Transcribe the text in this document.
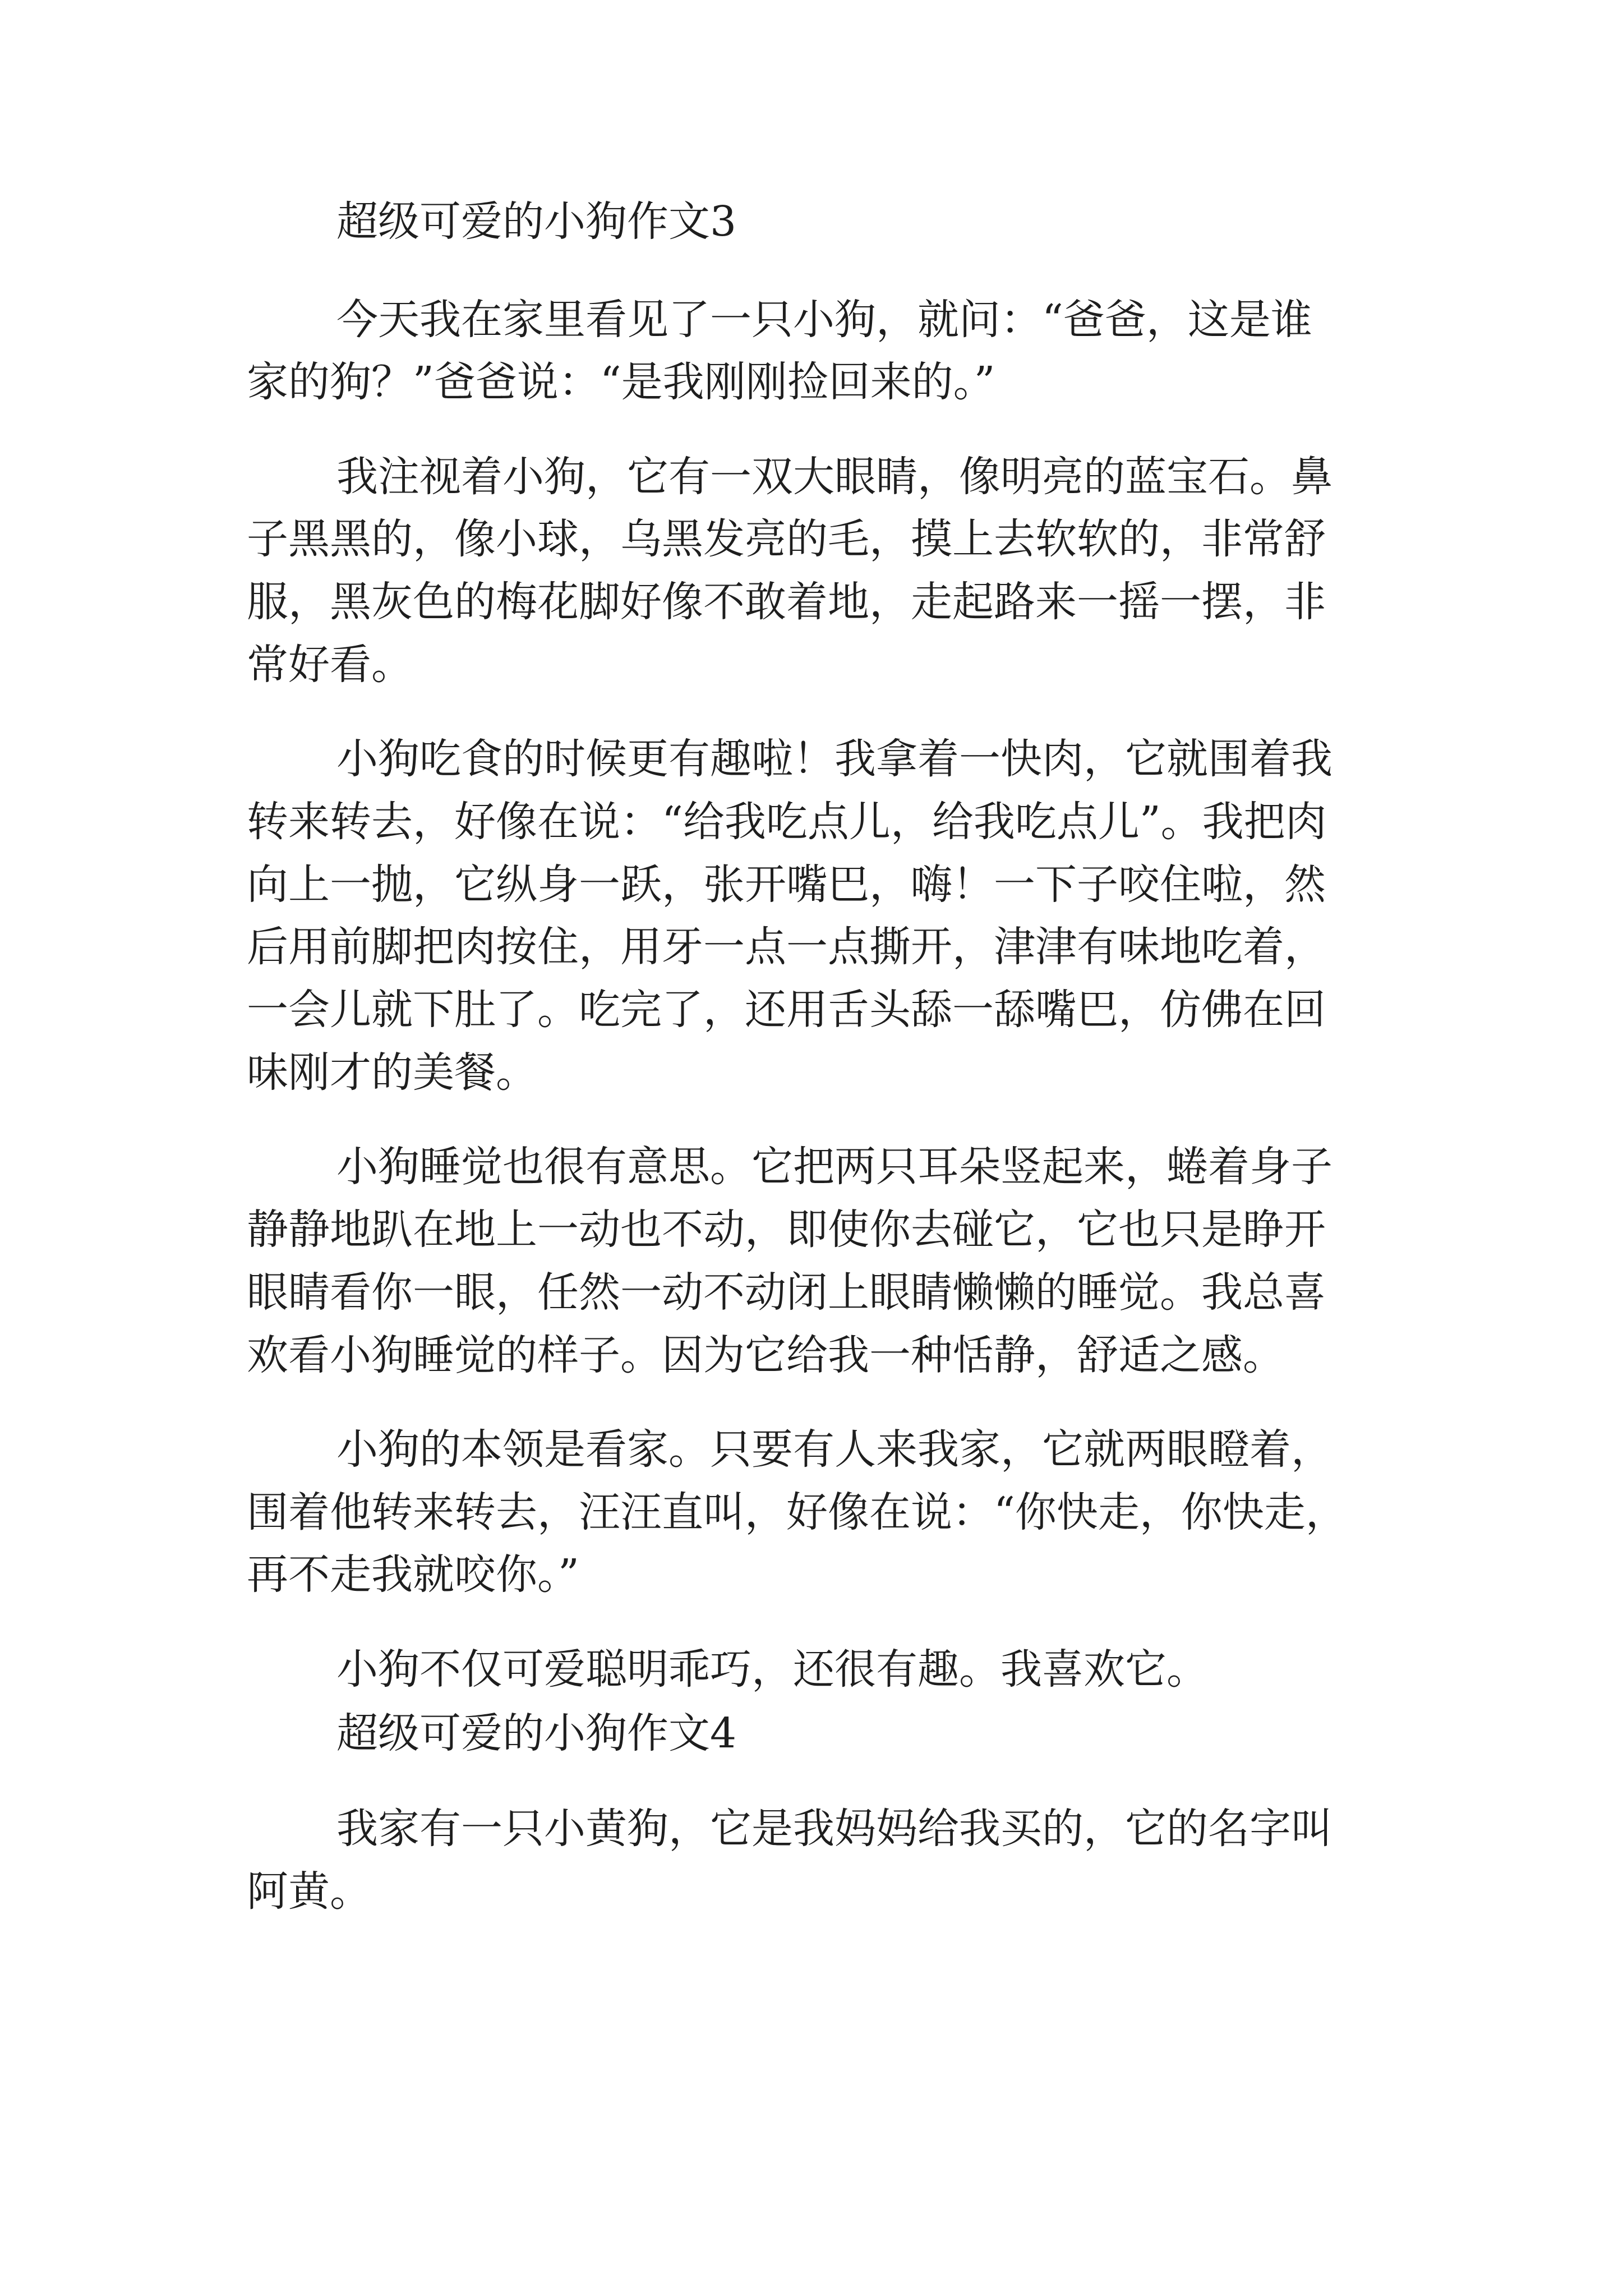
超级可爱的小狗作文3

今天我在家里看见了一只小狗，就问：“爸爸，这是谁

家的狗？”爸爸说：“是我刚刚捡回来的。”

我注视着小狗，它有一双大眼睛，像明亮的蓝宝石。鼻

子黑黑的，像小球，乌黑发亮的毛，摸上去软软的，非常舒

服，黑灰色的梅花脚好像不敢着地，走起路来一摇一摆，非

常好看。

小狗吃食的时候更有趣啦！我拿着一快肉，它就围着我

转来转去，好像在说：“给我吃点儿，给我吃点儿”。我把肉

向上一抛，它纵身一跃，张开嘴巴，嗨！一下子咬住啦，然

后用前脚把肉按住，用牙一点一点撕开，津津有味地吃着，

一会儿就下肚了。吃完了，还用舌头舔一舔嘴巴，仿佛在回

味刚才的美餐。

小狗睡觉也很有意思。它把两只耳朵竖起来，蜷着身子

静静地趴在地上一动也不动，即使你去碰它，它也只是睁开

眼睛看你一眼，任然一动不动闭上眼睛懒懒的睡觉。我总喜

欢看小狗睡觉的样子。因为它给我一种恬静，舒适之感。

小狗的本领是看家。只要有人来我家，它就两眼瞪着，

围着他转来转去，汪汪直叫，好像在说：“你快走，你快走，

再不走我就咬你。”

小狗不仅可爱聪明乖巧，还很有趣。我喜欢它。

超级可爱的小狗作文4

我家有一只小黄狗，它是我妈妈给我买的，它的名字叫

阿黄。
